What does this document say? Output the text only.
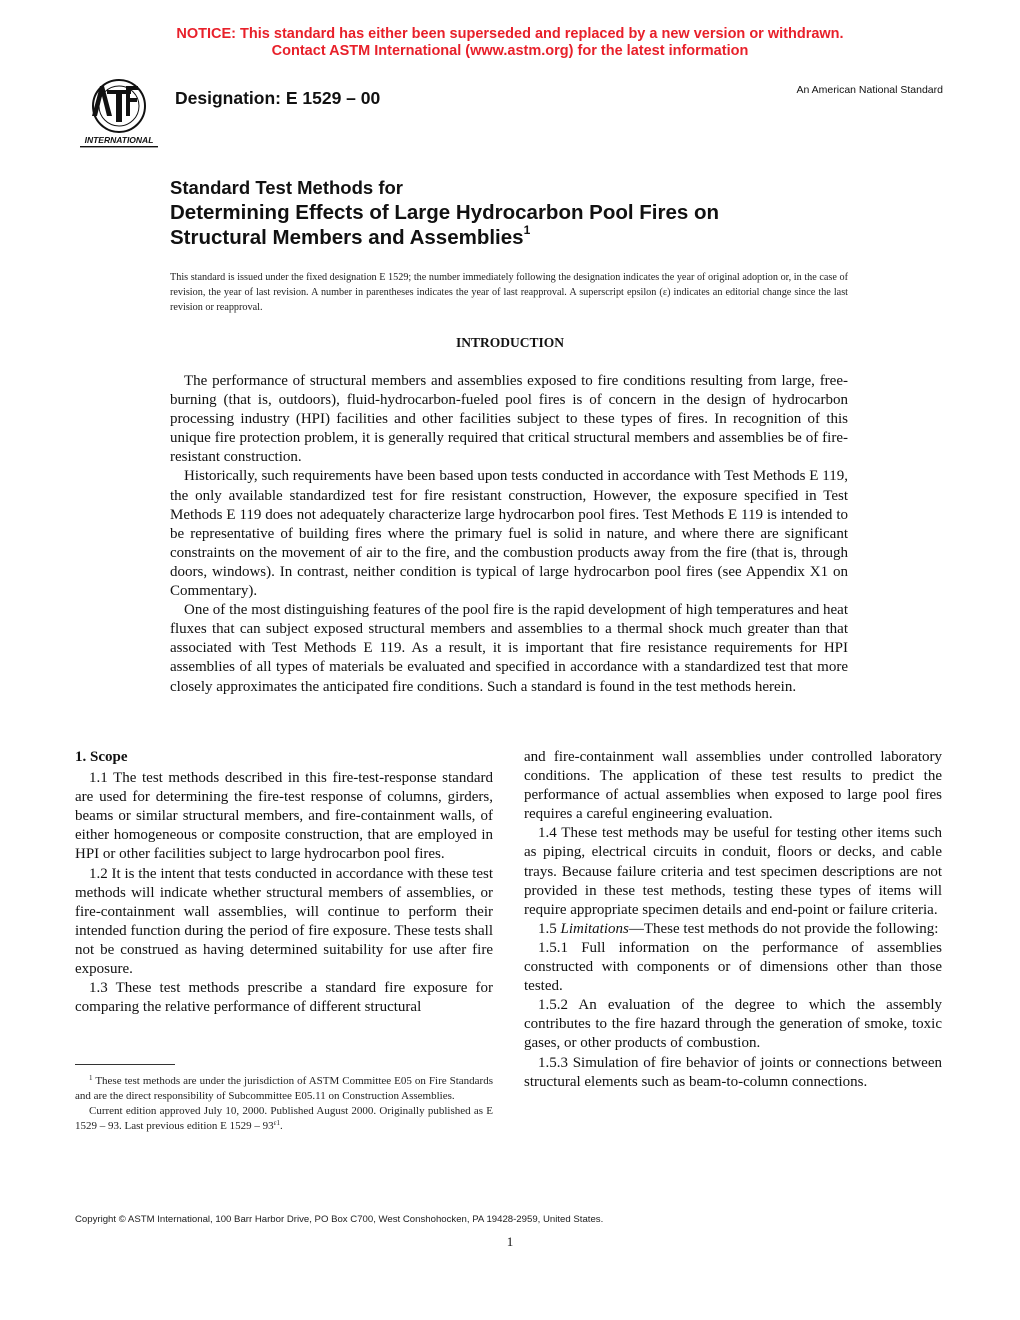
NOTICE: This standard has either been superseded and replaced by a new version or withdrawn.
Contact ASTM International (www.astm.org) for the latest information
INTERNATIONAL
Designation: E 1529 – 00	An American National Standard
Standard Test Methods for
Determining Effects of Large Hydrocarbon Pool Fires on
Structural Members and Assemblies$^1$
This standard is issued under the fixed designation E 1529; the number immediately following the designation indicates the year of original adoption or, in the case of revision, the year of last revision. A number in parentheses indicates the year of last reapproval. A superscript epsilon (ε) indicates an editorial change since the last revision or reapproval.
INTRODUCTION

The performance of structural members and assemblies exposed to fire conditions resulting from large, free-burning (that is, outdoors), fluid-hydrocarbon-fueled pool fires is of concern in the design of hydrocarbon processing industry (HPI) facilities and other facilities subject to these types of fires. In recognition of this unique fire protection problem, it is generally required that critical structural members and assemblies be of fire-resistant construction.

Historically, such requirements have been based upon tests conducted in accordance with Test Methods E 119, the only available standardized test for fire resistant construction, However, the exposure specified in Test Methods E 119 does not adequately characterize large hydrocarbon pool fires. Test Methods E 119 is intended to be representative of building fires where the primary fuel is solid in nature, and where there are significant constraints on the movement of air to the fire, and the combustion products away from the fire (that is, through doors, windows). In contrast, neither condition is typical of large hydrocarbon pool fires (see Appendix X1 on Commentary).

One of the most distinguishing features of the pool fire is the rapid development of high temperatures and heat fluxes that can subject exposed structural members and assemblies to a thermal shock much greater than that associated with Test Methods E 119. As a result, it is important that fire resistance requirements for HPI assemblies of all types of materials be evaluated and specified in accordance with a standardized test that more closely approximates the anticipated fire conditions. Such a standard is found in the test methods herein.

1. Scope

1.1 The test methods described in this fire-test-response standard are used for determining the fire-test response of columns, girders, beams or similar structural members, and fire-containment walls, of either homogeneous or composite construction, that are employed in HPI or other facilities subject to large hydrocarbon pool fires.

1.2 It is the intent that tests conducted in accordance with these test methods will indicate whether structural members of assemblies, or fire-containment wall assemblies, will continue to perform their intended function during the period of fire exposure. These tests shall not be construed as having determined suitability for use after fire exposure.

1.3 These test methods prescribe a standard fire exposure for comparing the relative performance of different structural

and fire-containment wall assemblies under controlled laboratory conditions. The application of these test results to predict the performance of actual assemblies when exposed to large pool fires requires a careful engineering evaluation.

1.4 These test methods may be useful for testing other items such as piping, electrical circuits in conduit, floors or decks, and cable trays. Because failure criteria and test specimen descriptions are not provided in these test methods, testing these types of items will require appropriate specimen details and end-point or failure criteria.

1.5 Limitations—These test methods do not provide the following:

1.5.1 Full information on the performance of assemblies constructed with components or of dimensions other than those tested.

1.5.2 An evaluation of the degree to which the assembly contributes to the fire hazard through the generation of smoke, toxic gases, or other products of combustion.

1.5.3 Simulation of fire behavior of joints or connections between structural elements such as beam-to-column connections.

$^1$ These test methods are under the jurisdiction of ASTM Committee E05 on Fire Standards and are the direct responsibility of Subcommittee E05.11 on Construction Assemblies.

Current edition approved July 10, 2000. Published August 2000. Originally published as E 1529 – 93. Last previous edition E $1529 - 93^{\varepsilon 1}$.

Copyright © ASTM International, 100 Barr Harbor Drive, PO Box C700, West Conshohocken, PA 19428-2959, United States.
1
